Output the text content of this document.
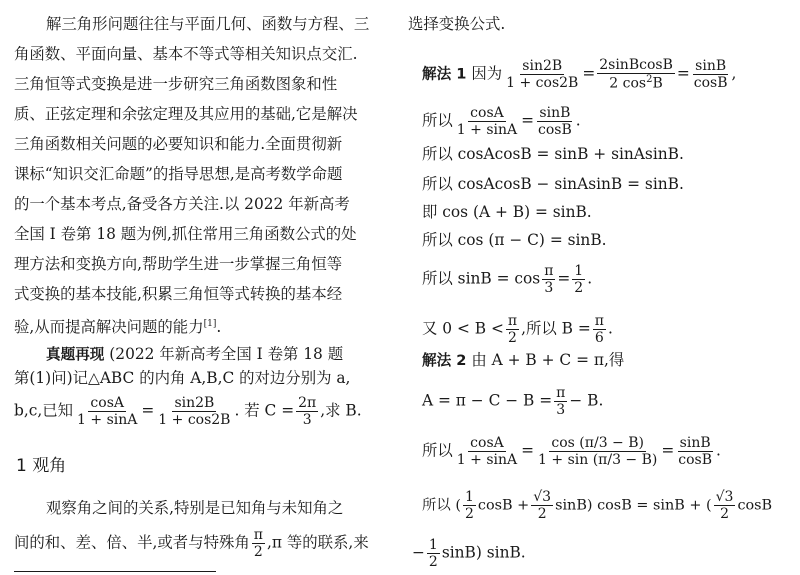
解三角形问题往往与平面几何、函数与方程、三
角函数、平面向量、基本不等式等相关知识点交汇.
三角恒等式变换是进一步研究三角函数图象和性
质、正弦定理和余弦定理及其应用的基础,它是解决
三角函数相关问题的必要知识和能力.全面贯彻新
课标“知识交汇命题”的指导思想,是高考数学命题
的一个基本考点,备受各方关注.以 2022 年新高考
全国 Ⅰ 卷第 18 题为例,抓住常用三角函数公式的处
理方法和变换方向,帮助学生进一步掌握三角恒等
式变换的基本技能,积累三角恒等式转换的基本经
验,从而提高解决问题的能力[1].
真题再现 (2022 年新高考全国 Ⅰ 卷第 18 题
第(1)问)记△ABC 的内角 A,B,C 的对边分别为 a,
b,c,已知 $\frac{\cos A}{1 + \sin A} = \frac{\sin 2B}{1 + \cos 2B}$ . 若 $C = \frac{2\pi}{3}$ ,求 B.
1 观角
观察角之间的关系,特别是已知角与未知角之
间的和、差、倍、半,或者与特殊角 $\frac{\pi}{2} ,\pi$ 等的联系,来
选择变换公式.
解法 1 因为 $\frac{\sin 2B}{1 + \cos 2B} = \frac{\text{2sinBcosB}}{2 \cos^2B} = \frac{\sin B}{\cos B}$ ,
所以 $\frac{\cos A}{1 + \sin A} = \frac{\sin B}{\cos B}$ .
所以 cosAcosB = sinB + sinAsinB.
所以 cosAcosB − sinAsinB = sinB.
即 cos (A + B) = sinB.
所以 cos (π − C) = sinB.
所以 $\sin B = \cos \frac{\pi}{3} = \frac{1}{2}$ .
又 $0 < B < \frac{\pi}{2}$ ,所以 $B = \frac{\pi}{6}$ .
解法 2 由 A + B + C = π,得
$A = \pi - C - B = \frac{\pi}{3} - B$.
所以 $\frac{\cos A}{1 + \sin A} = \frac{\cos (\pi/3 - B)}{1 + \sin (\pi/3 - B)} = \frac{\sin B}{\cos B}$ .
所以 ( $\frac{1}{2}$ $\cos B + \frac{√3}{2} \sin B$) cosB = sinB + ( $\frac{√3}{2}$ cosB
− $\frac{1}{2} \sin B$) sinB.
